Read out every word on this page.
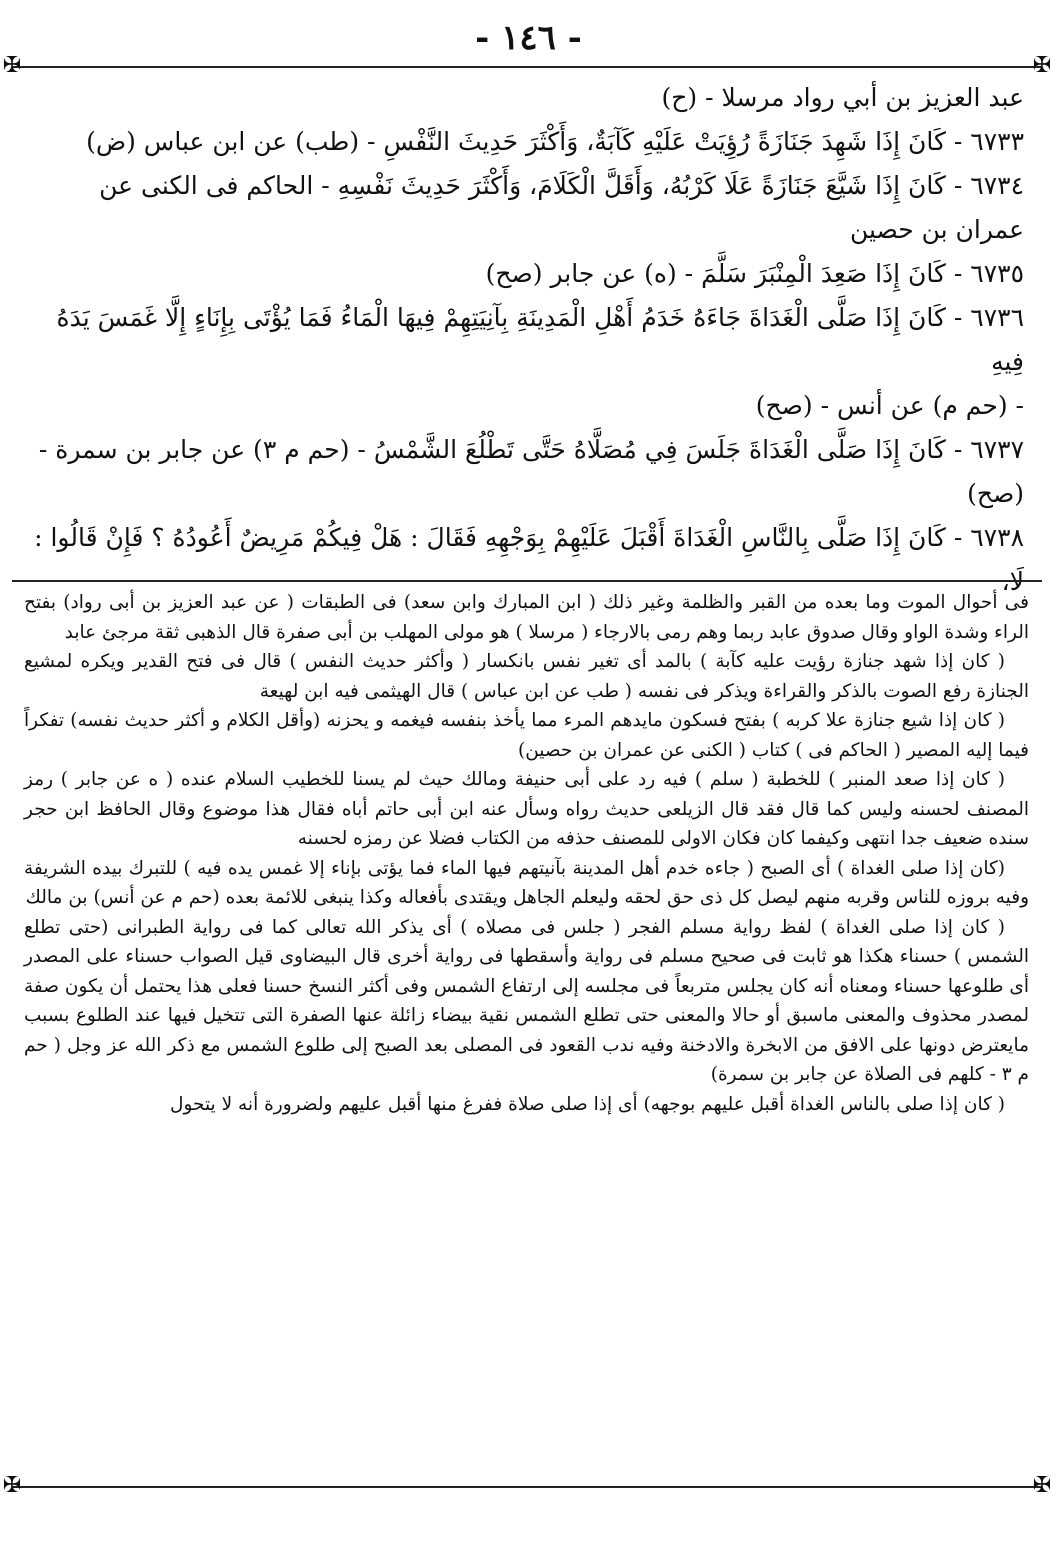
- ١٤٦ -
✠	✠

عبد العزيز بن أبي رواد مرسلا - (ح)

٦٧٣٣ - كَانَ إِذَا شَهِدَ جَنَازَةً رُؤِيَتْ عَلَيْهِ كَآبَةٌ، وَأَكْثَرَ حَدِيثَ النَّفْسِ - (طب) عن ابن عباس (ض)

٦٧٣٤ - كَانَ إِذَا شَيَّعَ جَنَازَةً عَلَا كَرْبُهُ، وَأَقَلَّ الْكَلَامَ، وَأَكْثَرَ حَدِيثَ نَفْسِهِ - الحاكم فى الكنى عن

عمران بن حصين

٦٧٣٥ - كَانَ إِذَا صَعِدَ الْمِنْبَرَ سَلَّمَ - (ه) عن جابر (صح)

٦٧٣٦ - كَانَ إِذَا صَلَّى الْغَدَاةَ جَاءَهُ خَدَمُ أَهْلِ الْمَدِينَةِ بِآنِيَتِهِمْ فِيهَا الْمَاءُ فَمَا يُؤْتَى بِإِنَاءٍ إِلَّا غَمَسَ يَدَهُ فِيهِ

- (حم م) عن أنس - (صح)

٦٧٣٧ - كَانَ إِذَا صَلَّى الْغَدَاةَ جَلَسَ فِي مُصَلَّاهُ حَتَّى تَطْلُعَ الشَّمْسُ - (حم م ٣) عن جابر بن سمرة - (صح)

٦٧٣٨ - كَانَ إِذَا صَلَّى بِالنَّاسِ الْغَدَاةَ أَقْبَلَ عَلَيْهِمْ بِوَجْهِهِ فَقَالَ : هَلْ فِيكُمْ مَرِيضٌ أَعُودُهُ ؟ فَإِنْ قَالُوا : لَا،

فى أحوال الموت وما بعده من القبر والظلمة وغير ذلك ( ابن المبارك وابن سعد) فى الطبقات ( عن عبد العزيز بن أبى رواد) بفتح الراء وشدة الواو وقال صدوق عابد ربما وهم رمى بالارجاء ( مرسلا ) هو مولى المهلب بن أبى صفرة قال الذهبى ثقة مرجئ عابد

( كان إذا شهد جنازة رؤيت عليه كآبة ) بالمد أى تغير نفس بانكسار ( وأكثر حديث النفس ) قال فى فتح القدير ويكره لمشيع الجنازة رفع الصوت بالذكر والقراءة ويذكر فى نفسه ( طب عن ابن عباس ) قال الهيثمى فيه ابن لهيعة

( كان إذا شيع جنازة علا كربه ) بفتح فسكون مايدهم المرء مما يأخذ بنفسه فيغمه و يحزنه (وأقل الكلام و أكثر حديث نفسه) تفكراً فيما إليه المصير ( الحاكم فى ) كتاب ( الكنى عن عمران بن حصين)

( كان إذا صعد المنبر ) للخطبة ( سلم ) فيه رد على أبى حنيفة ومالك حيث لم يسنا للخطيب السلام عنده ( ه عن جابر ) رمز المصنف لحسنه وليس كما قال فقد قال الزيلعى حديث رواه وسأل عنه ابن أبى حاتم أباه فقال هذا موضوع وقال الحافظ ابن حجر سنده ضعيف جدا انتهى وكيفما كان فكان الاولى للمصنف حذفه من الكتاب فضلا عن رمزه لحسنه

(كان إذا صلى الغداة ) أى الصبح ( جاءه خدم أهل المدينة بآنيتهم فيها الماء فما يؤتى بإناء إلا غمس يده فيه ) للتبرك بيده الشريفة وفيه بروزه للناس وقربه منهم ليصل كل ذى حق لحقه وليعلم الجاهل ويقتدى بأفعاله وكذا ينبغى للائمة بعده (حم م عن أنس) بن مالك

( كان إذا صلى الغداة ) لفظ رواية مسلم الفجر ( جلس فى مصلاه ) أى يذكر الله تعالى كما فى رواية الطبرانى (حتى تطلع الشمس ) حسناء هكذا هو ثابت فى صحيح مسلم فى رواية وأسقطها فى رواية أخرى قال البيضاوى قيل الصواب حسناء على المصدر أى طلوعها حسناء ومعناه أنه كان يجلس متربعاً فى مجلسه إلى ارتفاع الشمس وفى أكثر النسخ حسنا فعلى هذا يحتمل أن يكون صفة لمصدر محذوف والمعنى ماسبق أو حالا والمعنى حتى تطلع الشمس نقية بيضاء زائلة عنها الصفرة التى تتخيل فيها عند الطلوع بسبب مايعترض دونها على الافق من الابخرة والادخنة وفيه ندب القعود فى المصلى بعد الصبح إلى طلوع الشمس مع ذكر الله عز وجل ( حم م ٣ - كلهم فى الصلاة عن جابر بن سمرة)

( كان إذا صلى بالناس الغداة أقبل عليهم بوجهه) أى إذا صلى صلاة ففرغ منها أقبل عليهم ولضرورة أنه لا يتحول

✠	✠
